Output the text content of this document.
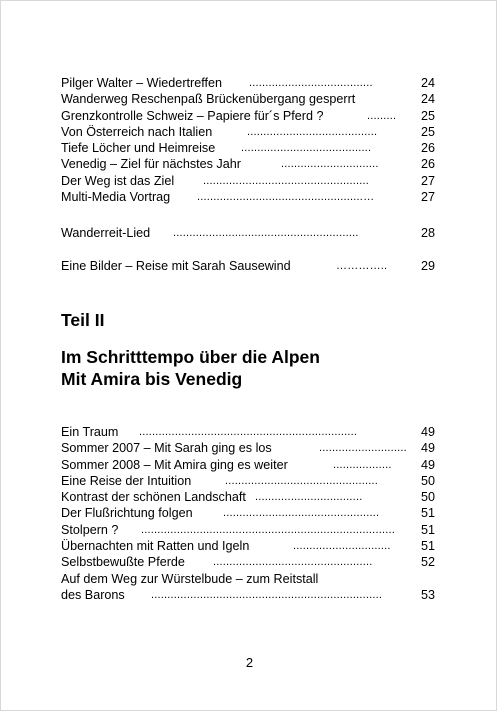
Pilger Walter – Wiedertreffen ......................................	24
Wanderweg Reschenpaß Brückenübergang gesperrt	24
Grenzkontrolle Schweiz – Papiere für´s Pferd ?	.........	25
Von Österreich nach Italien	........................................	25
Tiefe Löcher und Heimreise ........................................	26
Venedig – Ziel für nächstes Jahr	..............................	26
Der Weg ist das Ziel	...................................................	27
Multi-Media Vortrag ...................................................…	27
Wanderreit-Lied .........................................................	28
Eine Bilder – Reise mit Sarah Sausewind	…………..	29
Teil II
Im Schritttempo über die Alpen
Mit Amira bis Venedig
Ein Traum ...................................................................	49
Sommer 2007 – Mit Sarah ging es los	...........................	49
Sommer 2008 – Mit Amira ging es weiter	..................	49
Eine Reise der Intuition	...............................................	50
Kontrast der schönen Landschaft .................................	50
Der Flußrichtung folgen	................................................	51
Stolpern ? ..............................................................................	51
Übernachten mit Ratten und Igeln	..............................	51
Selbstbewußte Pferde	.................................................	52
Auf dem Weg zur Würstelbude – zum Reitstall
des Barons .......................................................................	53
2
